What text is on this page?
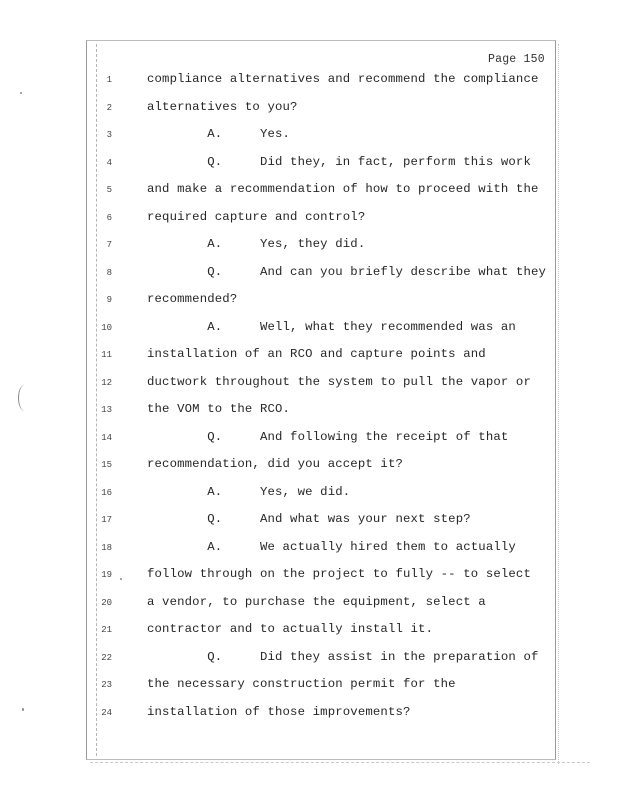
Page 150
1	compliance alternatives and recommend the compliance
2	alternatives to you?
3	A.     Yes.
4	Q.     Did they, in fact, perform this work
5	and make a recommendation of how to proceed with the
6	required capture and control?
7	A.     Yes, they did.
8	Q.     And can you briefly describe what they
9	recommended?
10	A.     Well, what they recommended was an
11	installation of an RCO and capture points and
12	ductwork throughout the system to pull the vapor or
13	the VOM to the RCO.
14	Q.     And following the receipt of that
15	recommendation, did you accept it?
16	A.     Yes, we did.
17	Q.     And what was your next step?
18	A.     We actually hired them to actually
19	follow through on the project to fully -- to select
20	a vendor, to purchase the equipment, select a
21	contractor and to actually install it.
22	Q.     Did they assist in the preparation of
23	the necessary construction permit for the
24	installation of those improvements?
